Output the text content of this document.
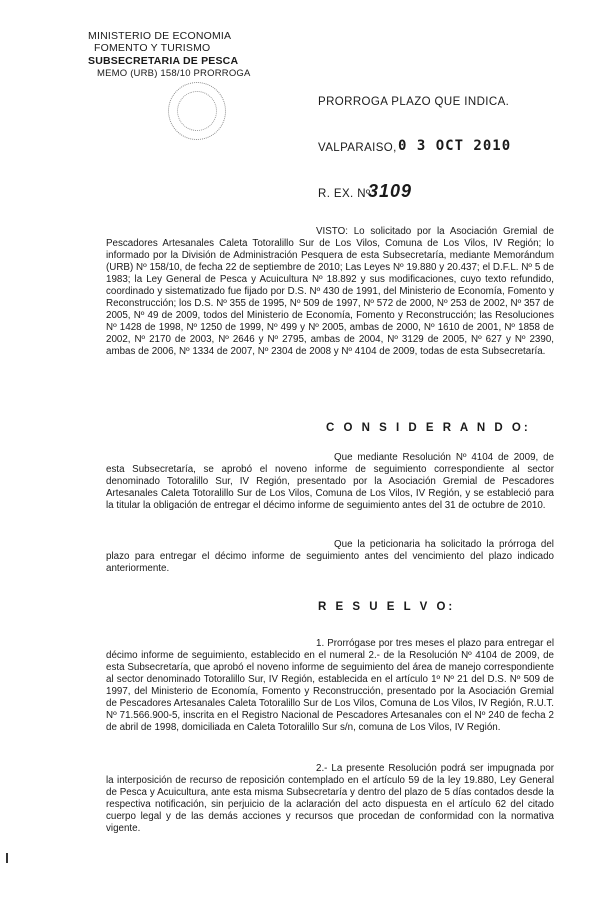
MINISTERIO DE ECONOMIA
FOMENTO Y TURISMO
SUBSECRETARIA DE PESCA
MEMO (URB) 158/10 PRORROGA
PRORROGA PLAZO QUE INDICA.
VALPARAISO, 0 3 OCT 2010
R. EX. Nº
3109
VISTO: Lo solicitado por la Asociación Gremial de Pescadores Artesanales Caleta Totoralillo Sur de Los Vilos, Comuna de Los Vilos, IV Región; lo informado por la División de Administración Pesquera de esta Subsecretaría, mediante Memorándum (URB) Nº 158/10, de fecha 22 de septiembre de 2010; Las Leyes Nº 19.880 y 20.437; el D.F.L. Nº 5 de 1983; la Ley General de Pesca y Acuicultura Nº 18.892 y sus modificaciones, cuyo texto refundido, coordinado y sistematizado fue fijado por D.S. Nº 430 de 1991, del Ministerio de Economía, Fomento y Reconstrucción; los D.S. Nº 355 de 1995, Nº 509 de 1997, Nº 572 de 2000, Nº 253 de 2002, Nº 357 de 2005, Nº 49 de 2009, todos del Ministerio de Economía, Fomento y Reconstrucción; las Resoluciones Nº 1428 de 1998, Nº 1250 de 1999, Nº 499 y Nº 2005, ambas de 2000, Nº 1610 de 2001, Nº 1858 de 2002, Nº 2170 de 2003, Nº 2646 y Nº 2795, ambas de 2004, Nº 3129 de 2005, Nº 627 y Nº 2390, ambas de 2006, Nº 1334 de 2007, Nº 2304 de 2008 y Nº 4104 de 2009, todas de esta Subsecretaría.
C O N S I D E R A N D O:
Que mediante Resolución Nº 4104 de 2009, de esta Subsecretaría, se aprobó el noveno informe de seguimiento correspondiente al sector denominado Totoralillo Sur, IV Región, presentado por la Asociación Gremial de Pescadores Artesanales Caleta Totoralillo Sur de Los Vilos, Comuna de Los Vilos, IV Región, y se estableció para la titular la obligación de entregar el décimo informe de seguimiento antes del 31 de octubre de 2010.
Que la peticionaria ha solicitado la prórroga del plazo para entregar el décimo informe de seguimiento antes del vencimiento del plazo indicado anteriormente.
R E S U E L V O:
1. Prorrógase por tres meses el plazo para entregar el décimo informe de seguimiento, establecido en el numeral 2.- de la Resolución Nº 4104 de 2009, de esta Subsecretaría, que aprobó el noveno informe de seguimiento del área de manejo correspondiente al sector denominado Totoralillo Sur, IV Región, establecida en el artículo 1º Nº 21 del D.S. Nº 509 de 1997, del Ministerio de Economía, Fomento y Reconstrucción, presentado por la Asociación Gremial de Pescadores Artesanales Caleta Totoralillo Sur de Los Vilos, Comuna de Los Vilos, IV Región, R.U.T. Nº 71.566.900-5, inscrita en el Registro Nacional de Pescadores Artesanales con el Nº 240 de fecha 2 de abril de 1998, domiciliada en Caleta Totoralillo Sur s/n, comuna de Los Vilos, IV Región.
2.- La presente Resolución podrá ser impugnada por la interposición de recurso de reposición contemplado en el artículo 59 de la ley 19.880, Ley General de Pesca y Acuicultura, ante esta misma Subsecretaría y dentro del plazo de 5 días contados desde la respectiva notificación, sin perjuicio de la aclaración del acto dispuesta en el artículo 62 del citado cuerpo legal y de las demás acciones y recursos que procedan de conformidad con la normativa vigente.
